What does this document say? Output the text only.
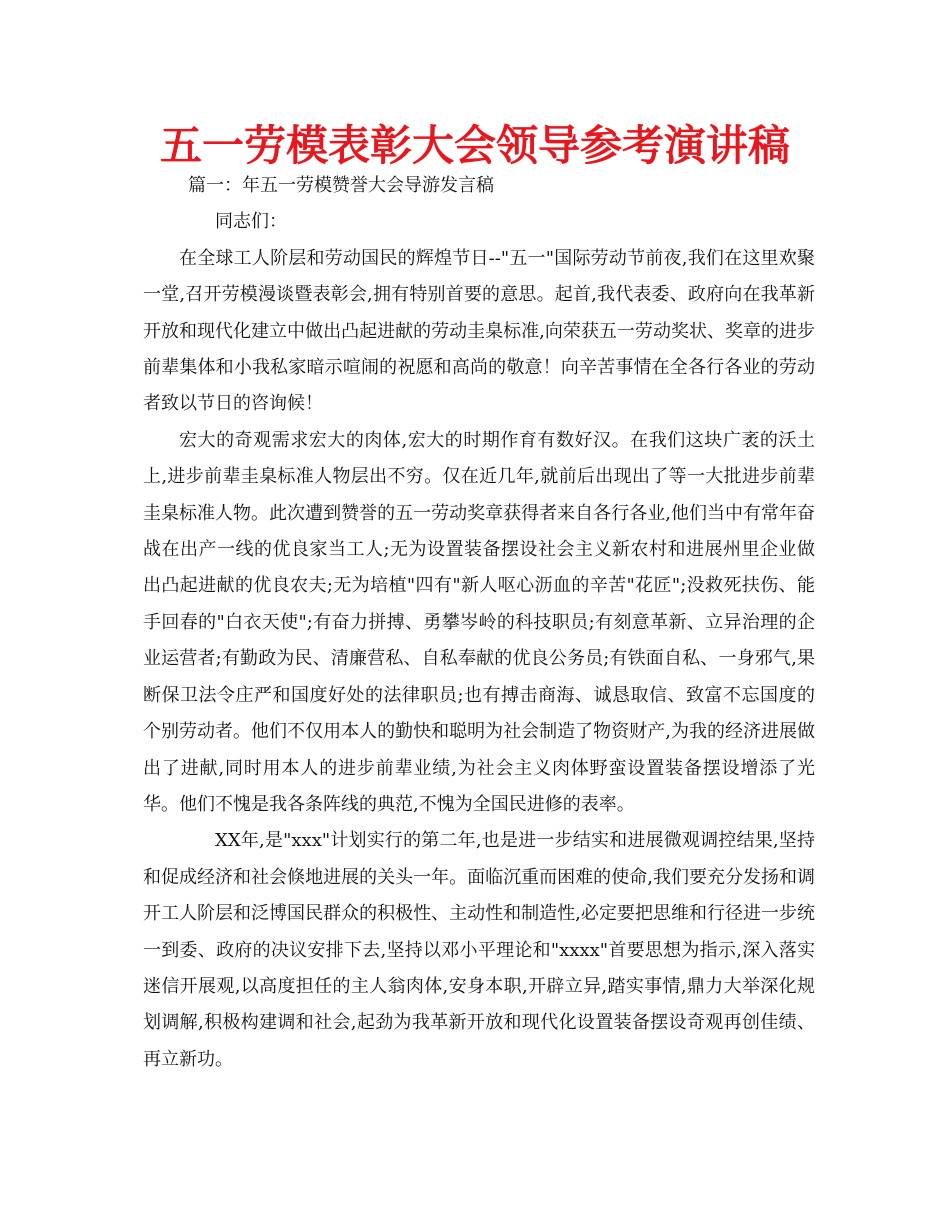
五一劳模表彰大会领导参考演讲稿

篇一：年五一劳模赞誉大会导游发言稿

同志们：

在全球工人阶层和劳动国民的辉煌节日--"五一"国际劳动节前夜,我们在这里欢聚一堂,召开劳模漫谈暨表彰会,拥有特别首要的意思。起首,我代表委、政府向在我革新开放和现代化建立中做出凸起进献的劳动圭臬标准,向荣获五一劳动奖状、奖章的进步前辈集体和小我私家暗示喧闹的祝愿和高尚的敬意！向辛苦事情在全各行各业的劳动者致以节日的咨询候！

宏大的奇观需求宏大的肉体,宏大的时期作育有数好汉。在我们这块广袤的沃土上,进步前辈圭臬标准人物层出不穷。仅在近几年,就前后出现出了等一大批进步前辈圭臬标准人物。此次遭到赞誉的五一劳动奖章获得者来自各行各业,他们当中有常年奋战在出产一线的优良家当工人;无为设置装备摆设社会主义新农村和进展州里企业做出凸起进献的优良农夫;无为培植"四有"新人呕心沥血的辛苦"花匠";没救死扶伤、能手回春的"白衣天使";有奋力拼搏、勇攀岑岭的科技职员;有刻意革新、立异治理的企业运营者;有勤政为民、清廉营私、自私奉献的优良公务员;有铁面自私、一身邪气,果断保卫法令庄严和国度好处的法律职员;也有搏击商海、诚恳取信、致富不忘国度的个别劳动者。他们不仅用本人的勤快和聪明为社会制造了物资财产,为我的经济进展做出了进献,同时用本人的进步前辈业绩,为社会主义肉体野蛮设置装备摆设增添了光华。他们不愧是我各条阵线的典范,不愧为全国民进修的表率。

XX年,是"xxx"计划实行的第二年,也是进一步结实和进展微观调控结果,坚持和促成经济和社会倏地进展的关头一年。面临沉重而困难的使命,我们要充分发扬和调开工人阶层和泛博国民群众的积极性、主动性和制造性,必定要把思维和行径进一步统一到委、政府的决议安排下去,坚持以邓小平理论和"xxxx"首要思想为指示,深入落实迷信开展观,以高度担任的主人翁肉体,安身本职,开辟立异,踏实事情,鼎力大举深化规划调解,积极构建调和社会,起劲为我革新开放和现代化设置装备摆设奇观再创佳绩、再立新功。
